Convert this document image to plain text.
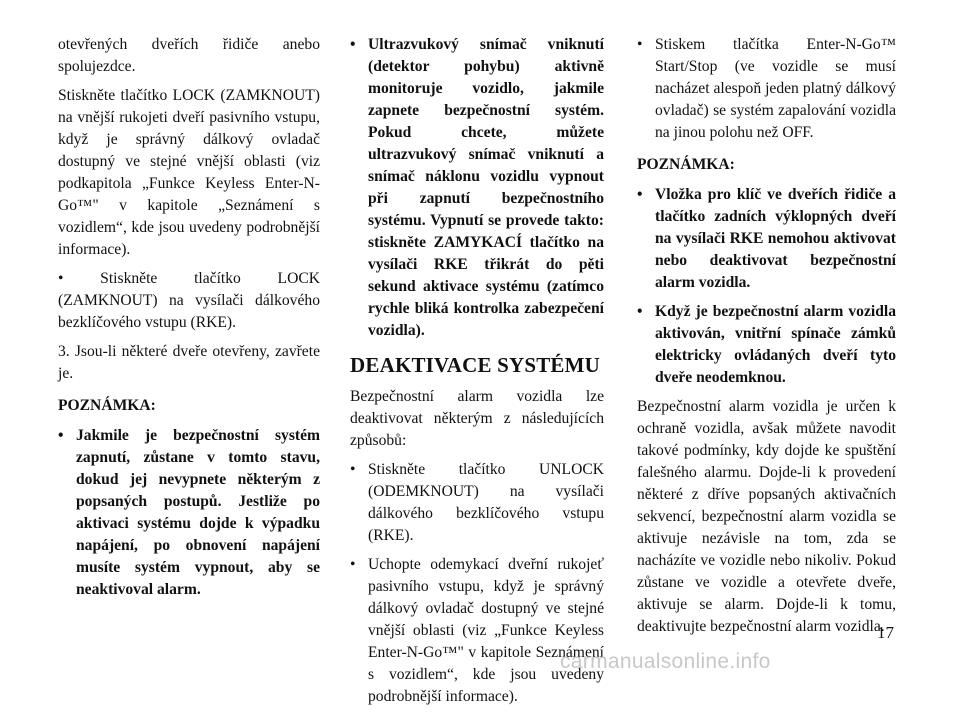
otevřených dveřích řidiče anebo spolujezdce.

Stiskněte tlačítko LOCK (ZAMKNOUT) na vnější rukojeti dveří pasivního vstupu, když je správný dálkový ovladač dostupný ve stejné vnější oblasti (viz podkapitola „Funkce Keyless Enter-N-Go™" v kapitole „Seznámení s vozidlem“, kde jsou uvedeny podrobnější informace).

• Stiskněte tlačítko LOCK (ZAMKNOUT) na vysílači dálkového bezklíčového vstupu (RKE).

3. Jsou-li některé dveře otevřeny, zavřete je.

POZNÁMKA:

• Jakmile je bezpečnostní systém zapnutí, zůstane v tomto stavu, dokud jej nevypnete některým z popsaných postupů. Jestliže po aktivaci systému dojde k výpadku napájení, po obnovení napájení musíte systém vypnout, aby se neaktivoval alarm.
• Ultrazvukový snímač vniknutí (detektor pohybu) aktivně monitoruje vozidlo, jakmile zapnete bezpečnostní systém. Pokud chcete, můžete ultrazvukový snímač vniknutí a snímač náklonu vozidlu vypnout při zapnutí bezpečnostního systému. Vypnutí se provede takto: stiskněte ZAMYKACÍ tlačítko na vysílači RKE třikrát do pěti sekund aktivace systému (zatímco rychle bliká kontrolka zabezpečení vozidla).
DEAKTIVACE SYSTÉMU

Bezpečnostní alarm vozidla lze deaktivovat některým z následujících způsobů:

• Stiskněte tlačítko UNLOCK (ODEMKNOUT) na vysílači dálkového bezklíčového vstupu (RKE).
• Uchopte odemykací dveřní rukojeť pasivního vstupu, když je správný dálkový ovladač dostupný ve stejné vnější oblasti (viz „Funkce Keyless Enter-N-Go™" v kapitole Seznámení s vozidlem“, kde jsou uvedeny podrobnější informace).
• Stiskem tlačítka Enter-N-Go™ Start/Stop (ve vozidle se musí nacházet alespoň jeden platný dálkový ovladač) se systém zapalování vozidla na jinou polohu než OFF.

POZNÁMKA:

• Vložka pro klíč ve dveřích řidiče a tlačítko zadních výklopných dveří na vysílači RKE nemohou aktivovat nebo deaktivovat bezpečnostní alarm vozidla.
• Když je bezpečnostní alarm vozidla aktivován, vnitřní spínače zámků elektricky ovládaných dveří tyto dveře neodemknou.

Bezpečnostní alarm vozidla je určen k ochraně vozidla, avšak můžete navodit takové podmínky, kdy dojde ke spuštění falešného alarmu. Dojde-li k provedení některé z dříve popsaných aktivačních sekvencí, bezpečnostní alarm vozidla se aktivuje nezávisle na tom, zda se nacházíte ve vozidle nebo nikoliv. Pokud zůstane ve vozidle a otevřete dveře, aktivuje se alarm. Dojde-li k tomu, deaktivujte bezpečnostní alarm vozidla.

17
carmanualsonline.info
